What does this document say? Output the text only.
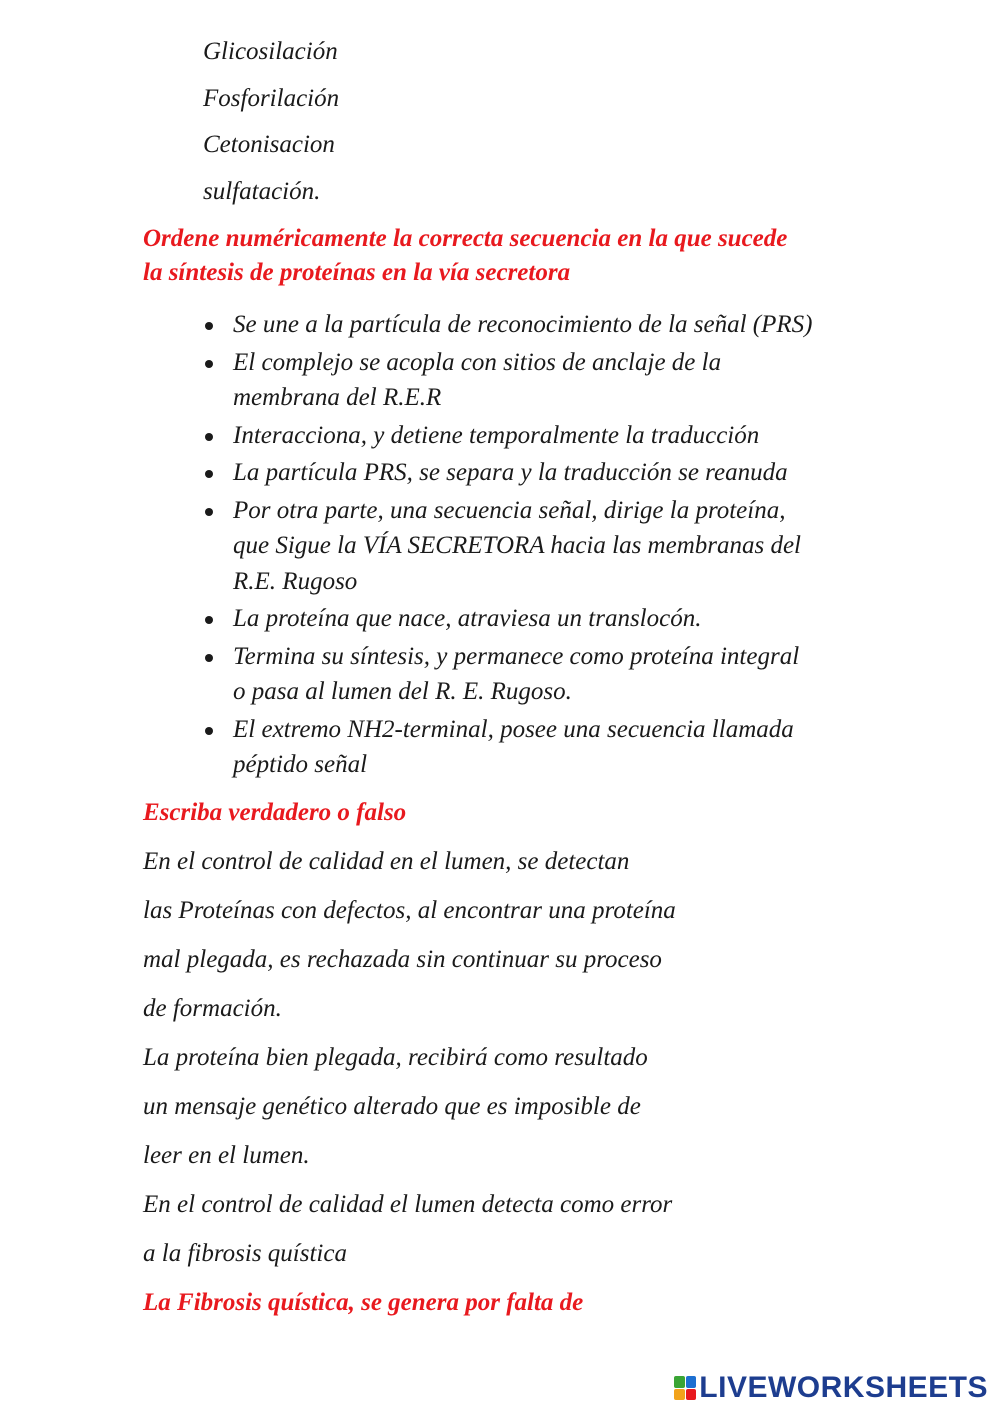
Glicosilación

Fosforilación

Cetonisacion

sulfatación.

Ordene numéricamente la correcta secuencia en la que sucede

la síntesis de proteínas en la vía secretora

Se une a la partícula de reconocimiento de la señal (PRS)
El complejo se acopla con sitios de anclaje de la
membrana del R.E.R
Interacciona, y detiene temporalmente la traducción
La partícula PRS, se separa y la traducción se reanuda
Por otra parte, una secuencia señal, dirige la proteína,
que Sigue la VÍA SECRETORA hacia las membranas del
R.E. Rugoso
La proteína que nace, atraviesa un translocón.
Termina su síntesis, y permanece como proteína integral
o pasa al lumen del R. E. Rugoso.
El extremo NH2-terminal, posee una secuencia llamada
péptido señal

Escriba verdadero o falso

En el control de calidad en el lumen, se detectan

las Proteínas con defectos, al encontrar una proteína

mal plegada, es rechazada sin continuar su proceso

de formación.

La proteína bien plegada, recibirá como resultado

un mensaje genético alterado que es imposible de

leer en el lumen.

En el control de calidad el lumen detecta como error

a la fibrosis quística

La Fibrosis quística, se genera por falta de

LIVEWORKSHEETS
